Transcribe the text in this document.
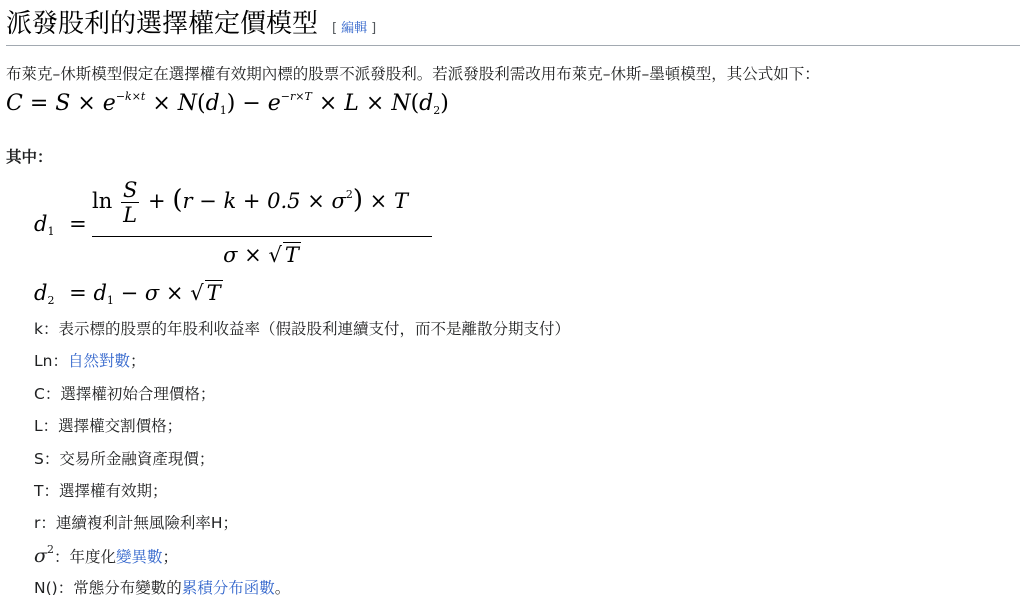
派發股利的選擇權定價模型 [ 編輯 ]
布萊克–休斯模型假定在選擇權有效期內標的股票不派發股利。若派發股利需改用布萊克–休斯–墨頓模型，其公式如下：
$C = S \times e^{-k\times t} \times N(d_1) - e^{-r\times T} \times L \times N(d_2)$
其中：
$d_1$ =
$\ln \frac{S}{L} + (r - k + 0.5 \times \sigma^2) \times T$
σ × √ T
$d_2 = d_1 - \sigma$ × √ T
k：表示標的股票的年股利收益率（假設股利連續支付，而不是離散分期支付）
Ln：自然對數；
C：選擇權初始合理價格；
L：選擇權交割價格；
S：交易所金融資產現價；
T：選擇權有效期；
r：連續複利計無風險利率H；
$\sigma^2$：年度化變異數；
N()：常態分布變數的累積分布函數。
